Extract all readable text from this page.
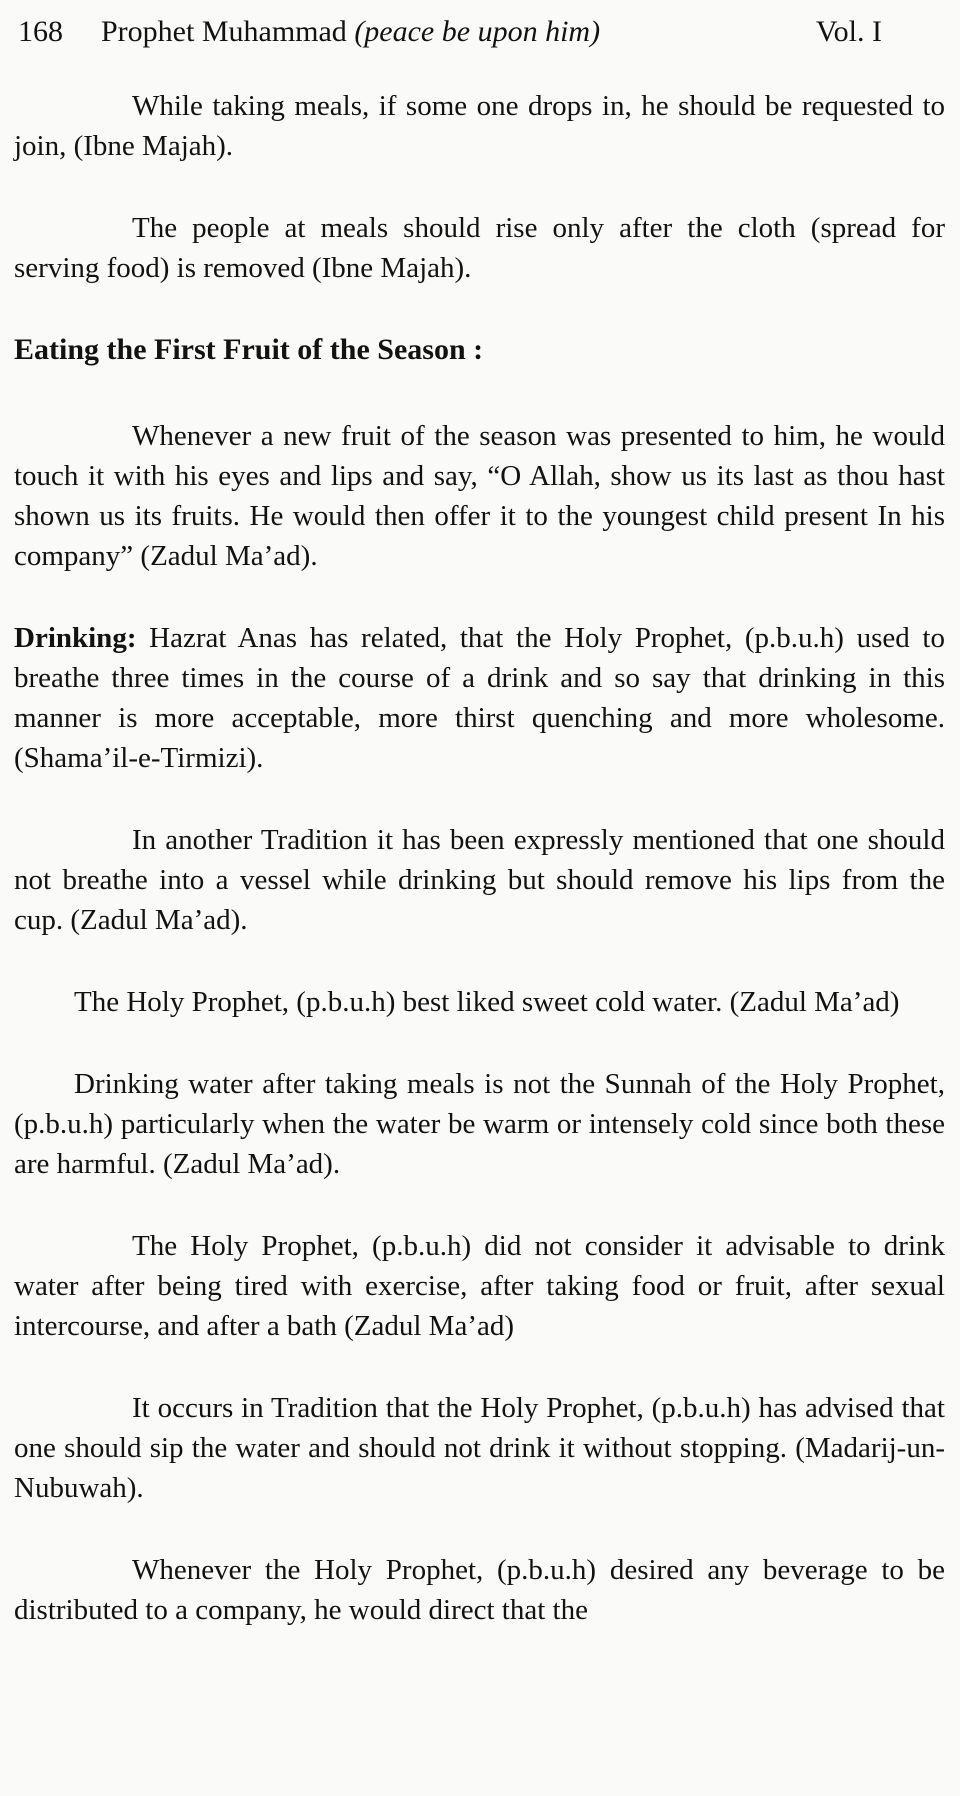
168 Prophet Muhammad (peace be upon him)	Vol. I

While taking meals, if some one drops in, he should be requested to join, (Ibne Majah).

The people at meals should rise only after the cloth (spread for serving food) is removed (Ibne Majah).

Eating the First Fruit of the Season :

Whenever a new fruit of the season was presented to him, he would touch it with his eyes and lips and say, “O Allah, show us its last as thou hast shown us its fruits. He would then offer it to the youngest child present In his company” (Zadul Ma’ad).

Drinking: Hazrat Anas has related, that the Holy Prophet, (p.b.u.h) used to breathe three times in the course of a drink and so say that drinking in this manner is more acceptable, more thirst quenching and more wholesome.(Shama’il-e-Tirmizi).

In another Tradition it has been expressly mentioned that one should not breathe into a vessel while drinking but should remove his lips from the cup. (Zadul Ma’ad).

The Holy Prophet, (p.b.u.h) best liked sweet cold water. (Zadul Ma’ad)

Drinking water after taking meals is not the Sunnah of the Holy Prophet, (p.b.u.h) particularly when the water be warm or intensely cold since both these are harmful. (Zadul Ma’ad).

The Holy Prophet, (p.b.u.h) did not consider it advisable to drink water after being tired with exercise, after taking food or fruit, after sexual intercourse, and after a bath (Zadul Ma’ad)

It occurs in Tradition that the Holy Prophet, (p.b.u.h) has advised that one should sip the water and should not drink it without stopping. (Madarij-un-Nubuwah).

Whenever the Holy Prophet, (p.b.u.h) desired any beverage to be distributed to a company, he would direct that the
